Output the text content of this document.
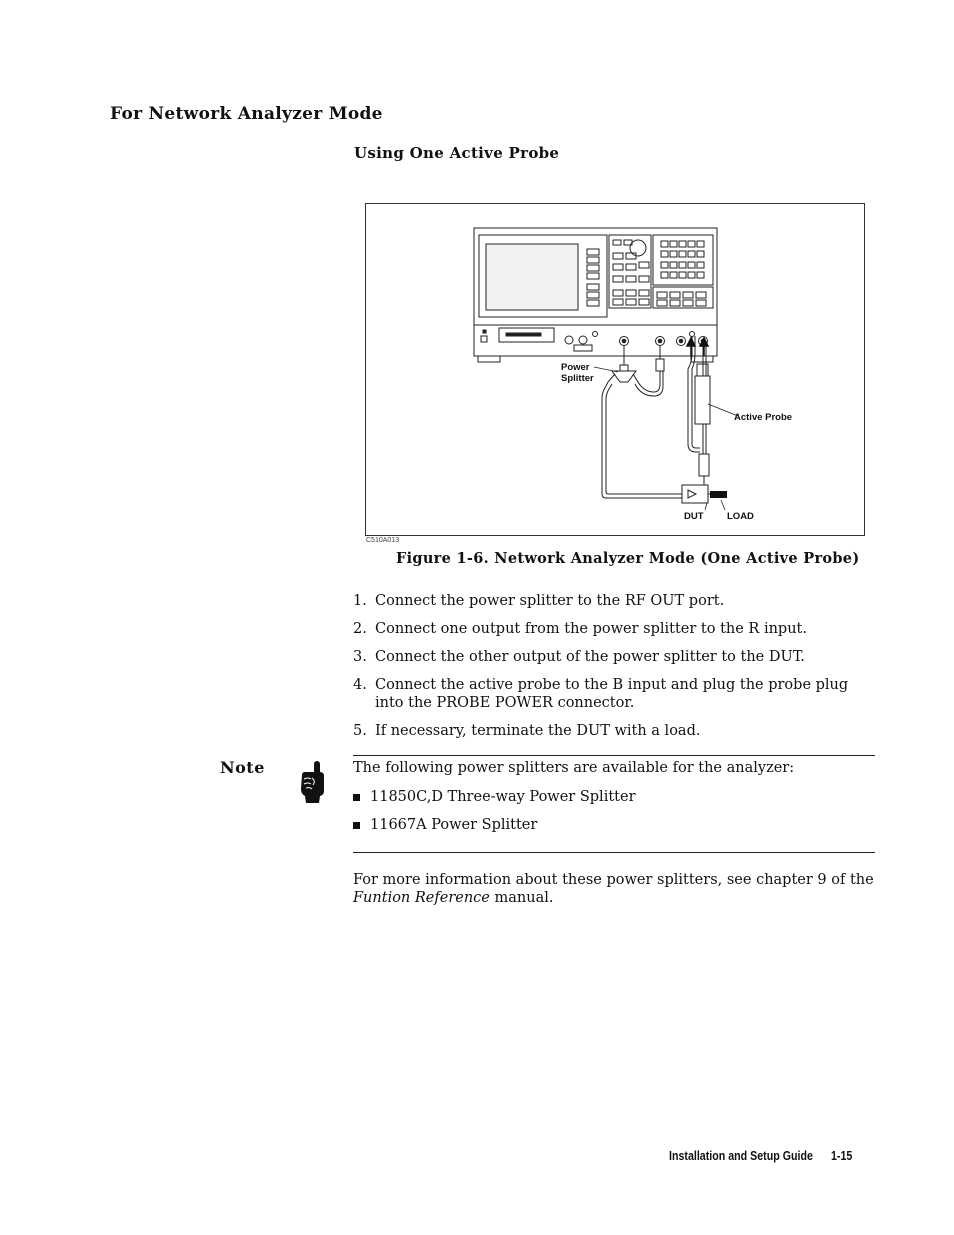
For Network Analyzer Mode
Using One Active Probe
Power
Splitter
Active Probe
DUT LOAD
C510A013
Figure 1-6. Network Analyzer Mode (One Active Probe)
1. Connect the power splitter to the RF OUT port.
2. Connect one output from the power splitter to the R input.
3. Connect the other output of the power splitter to the DUT.
4. Connect the active probe to the B input and plug the probe plug into the PROBE POWER connector.
5. If necessary, terminate the DUT with a load.
Note	The following power splitters are available for the analyzer:
11850C,D Three-way Power Splitter
11667A Power Splitter
For more information about these power splitters, see chapter 9 of the Funtion Reference manual.
Installation and Setup Guide 1-15
